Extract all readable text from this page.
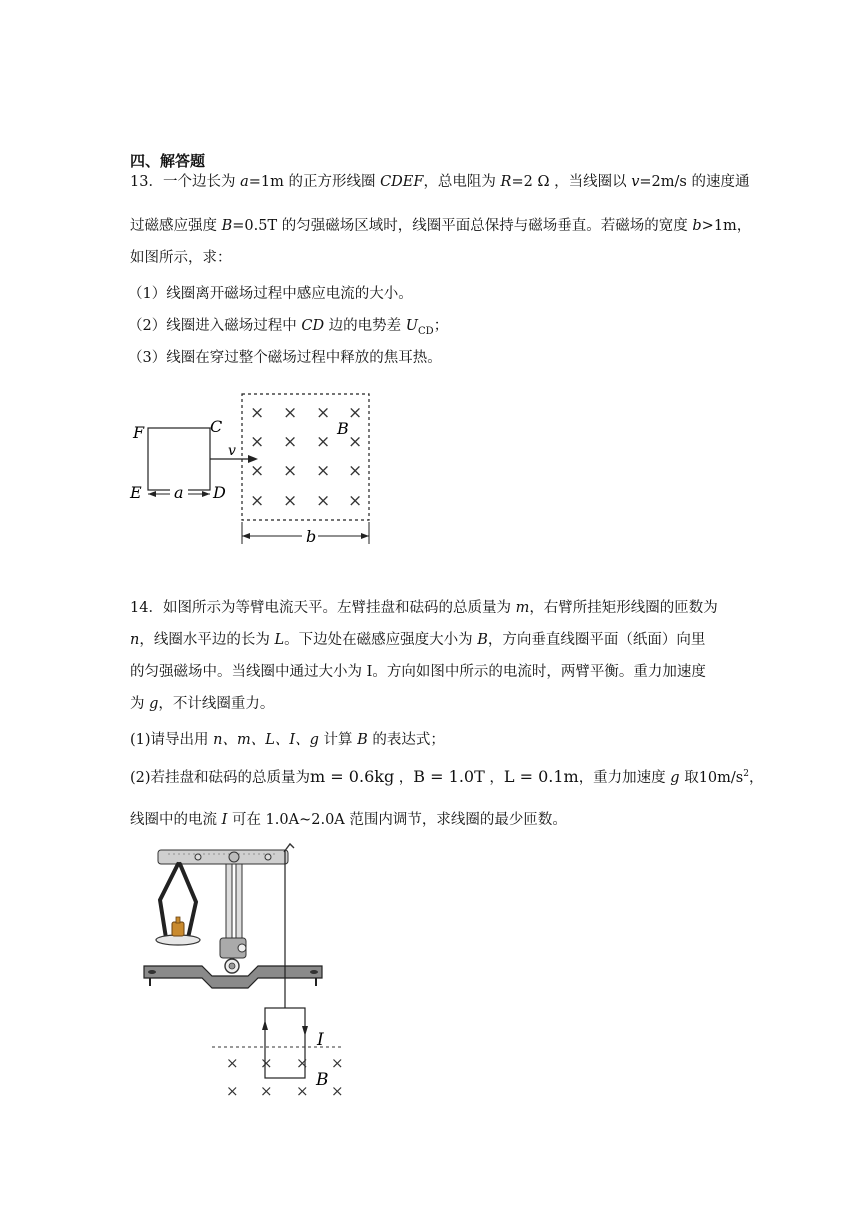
四、解答题
13．一个边长为 a=1m 的正方形线圈 CDEF，总电阻为 R=2 Ω ，当线圈以 v=2m/s 的速度通
过磁感应强度 B=0.5T 的匀强磁场区域时，线圈平面总保持与磁场垂直。若磁场的宽度 b>1m，
如图所示，求：
（1）线圈离开磁场过程中感应电流的大小。
（2）线圈进入磁场过程中 CD 边的电势差 $U_{CD}$；
（3）线圈在穿过整个磁场过程中释放的焦耳热。
F	C
E	D
a
v
× × × ×
× × × ×
× × × ×
× × × ×
B
b
14．如图所示为等臂电流天平。左臂挂盘和砝码的总质量为 m，右臂所挂矩形线圈的匝数为
n，线圈水平边的长为 L。下边处在磁感应强度大小为 B，方向垂直线圈平面（纸面）向里
的匀强磁场中。当线圈中通过大小为 I。方向如图中所示的电流时，两臂平衡。重力加速度
为 g，不计线圈重力。
(1)请导出用 n、m、L、I、g 计算 B 的表达式；
(2)若挂盘和砝码的总质量为m = 0.6kg ，B = 1.0T ，L = 0.1m，重力加速度 g 取$10m/s^2$，
线圈中的电流 I 可在 1.0A~2.0A 范围内调节，求线圈的最少匝数。
I
× × × ×
× × × ×
B
